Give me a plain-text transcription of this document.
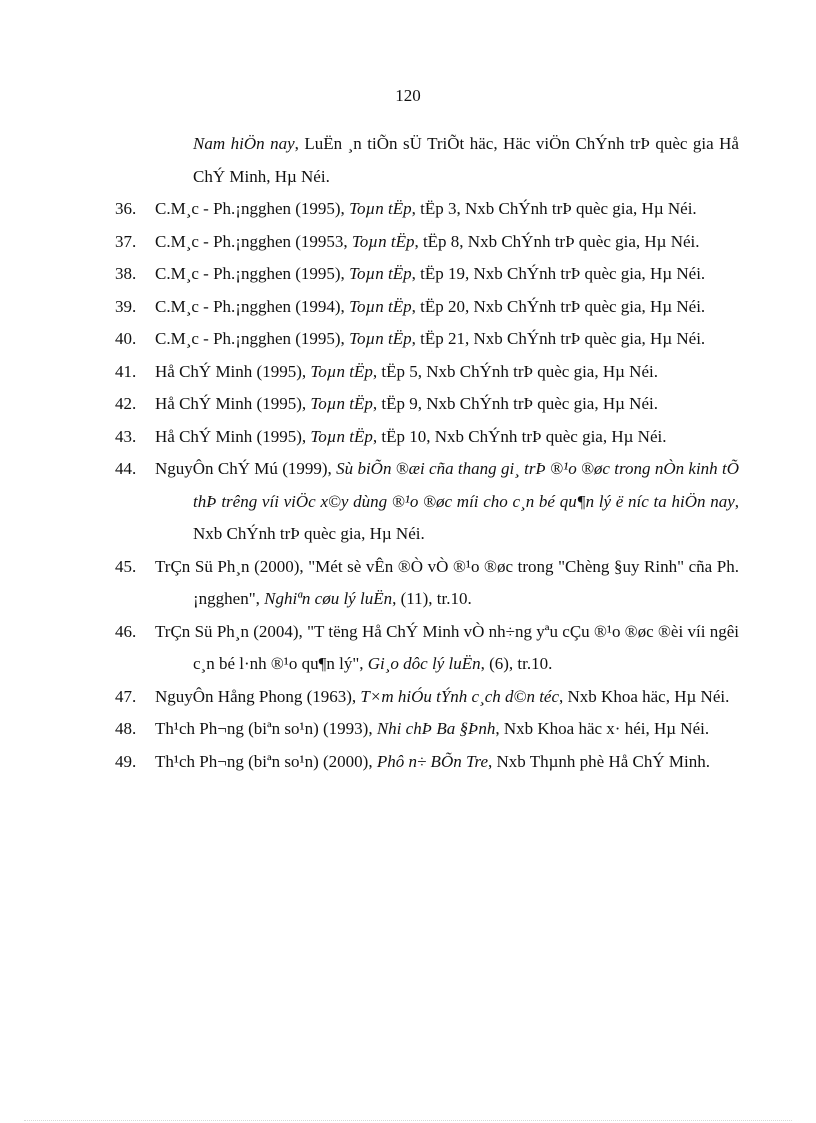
120

Nam hiÖn nay, LuËn ¸n tiÕn sÜ TriÕt häc, Häc viÖn ChÝnh trÞ quèc gia Hå ChÝ Minh, Hµ Néi.

36. C.M¸c - Ph.¡ngghen (1995), Toµn tËp, tËp 3, Nxb ChÝnh trÞ quèc gia, Hµ Néi.

37. C.M¸c - Ph.¡ngghen (19953, Toµn tËp, tËp 8, Nxb ChÝnh trÞ quèc gia, Hµ Néi.

38. C.M¸c - Ph.¡ngghen (1995), Toµn tËp, tËp 19, Nxb ChÝnh trÞ quèc gia, Hµ Néi.

39. C.M¸c - Ph.¡ngghen (1994), Toµn tËp, tËp 20, Nxb ChÝnh trÞ quèc gia, Hµ Néi.

40. C.M¸c - Ph.¡ngghen (1995), Toµn tËp, tËp 21, Nxb ChÝnh trÞ quèc gia, Hµ Néi.

41. Hå ChÝ Minh (1995), Toµn tËp, tËp 5, Nxb ChÝnh trÞ quèc gia, Hµ Néi.

42. Hå ChÝ Minh (1995), Toµn tËp, tËp 9, Nxb ChÝnh trÞ quèc gia, Hµ Néi.

43. Hå ChÝ Minh (1995), Toµn tËp, tËp 10, Nxb ChÝnh trÞ quèc gia, Hµ Néi.

44. NguyÔn ChÝ Mú (1999), Sù biÕn ®æi cña thang gi¸ trÞ ®¹o ®øc trong nÒn kinh tÕ thÞ trêng víi viÖc x©y dùng ®¹o ®øc míi cho c¸n bé qu¶n lý ë níc ta hiÖn nay, Nxb ChÝnh trÞ quèc gia, Hµ Néi.

45. TrÇn Sü Ph¸n (2000), "Mét sè vÊn ®Ò vÒ ®¹o ®øc trong "Chèng §uy Rinh" cña Ph.¡ngghen", Nghiªn cøu lý luËn, (11), tr.10.

46. TrÇn Sü Ph¸n (2004), "T tëng Hå ChÝ Minh vÒ nh÷ng yªu cÇu ®¹o ®øc ®èi víi ngêi c¸n bé l·nh ®¹o qu¶n lý", Gi¸o dôc lý luËn, (6), tr.10.

47. NguyÔn Hång Phong (1963), T×m hiÓu tÝnh c¸ch d©n téc, Nxb Khoa häc, Hµ Néi.

48. Th¹ch Ph¬ng (biªn so¹n) (1993), Nhi chÞ Ba §Þnh, Nxb Khoa häc x· héi, Hµ Néi.

49. Th¹ch Ph¬ng (biªn so¹n) (2000), Phô n÷ BÕn Tre, Nxb Thµnh phè Hå ChÝ Minh.
